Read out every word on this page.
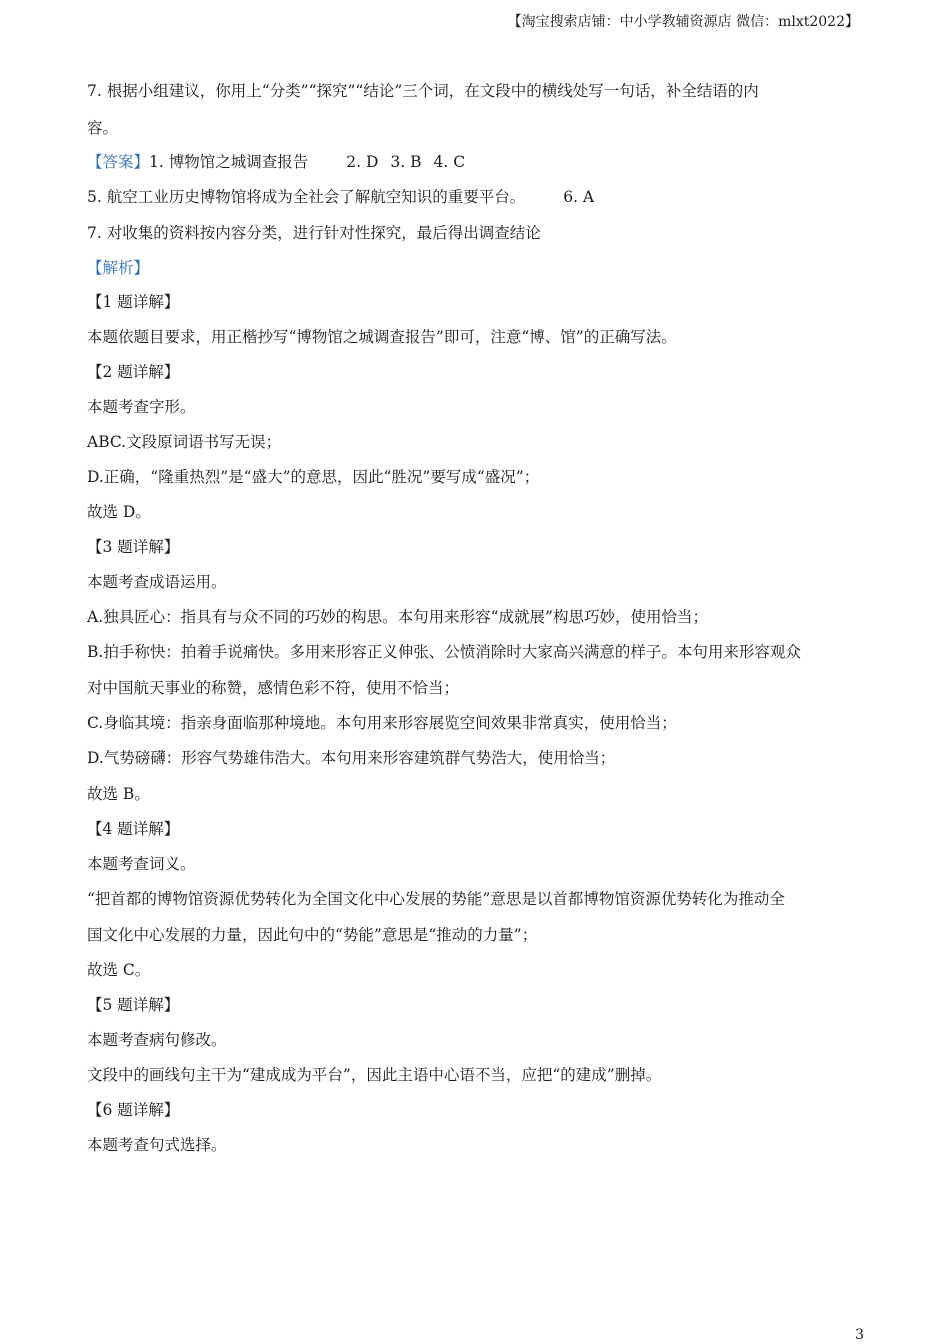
【淘宝搜索店铺：中小学教辅资源店 微信：mlxt2022】
7. 根据小组建议，你用上“分类”“探究”“结论”三个词，在文段中的横线处写一句话，补全结语的内
容。
【答案】1. 博物馆之城调查报告 2. D 3. B 4. C
5. 航空工业历史博物馆将成为全社会了解航空知识的重要平台。 6. A
7. 对收集的资料按内容分类，进行针对性探究，最后得出调查结论
【解析】
【1 题详解】
本题依题目要求，用正楷抄写“博物馆之城调查报告”即可，注意“博、馆”的正确写法。
【2 题详解】
本题考查字形。
ABC.文段原词语书写无误；
D.正确，“隆重热烈”是“盛大”的意思，因此“胜况”要写成“盛况”；
故选 D。
【3 题详解】
本题考查成语运用。
A.独具匠心：指具有与众不同的巧妙的构思。本句用来形容“成就展”构思巧妙，使用恰当；
B.拍手称快：拍着手说痛快。多用来形容正义伸张、公愤消除时大家高兴满意的样子。本句用来形容观众
对中国航天事业的称赞，感情色彩不符，使用不恰当；
C.身临其境：指亲身面临那种境地。本句用来形容展览空间效果非常真实，使用恰当；
D.气势磅礴：形容气势雄伟浩大。本句用来形容建筑群气势浩大，使用恰当；
故选 B。
【4 题详解】
本题考查词义。
“把首都的博物馆资源优势转化为全国文化中心发展的势能”意思是以首都博物馆资源优势转化为推动全
国文化中心发展的力量，因此句中的“势能”意思是“推动的力量”；
故选 C。
【5 题详解】
本题考查病句修改。
文段中的画线句主干为“建成成为平台”，因此主语中心语不当，应把“的建成”删掉。
【6 题详解】
本题考查句式选择。
3
